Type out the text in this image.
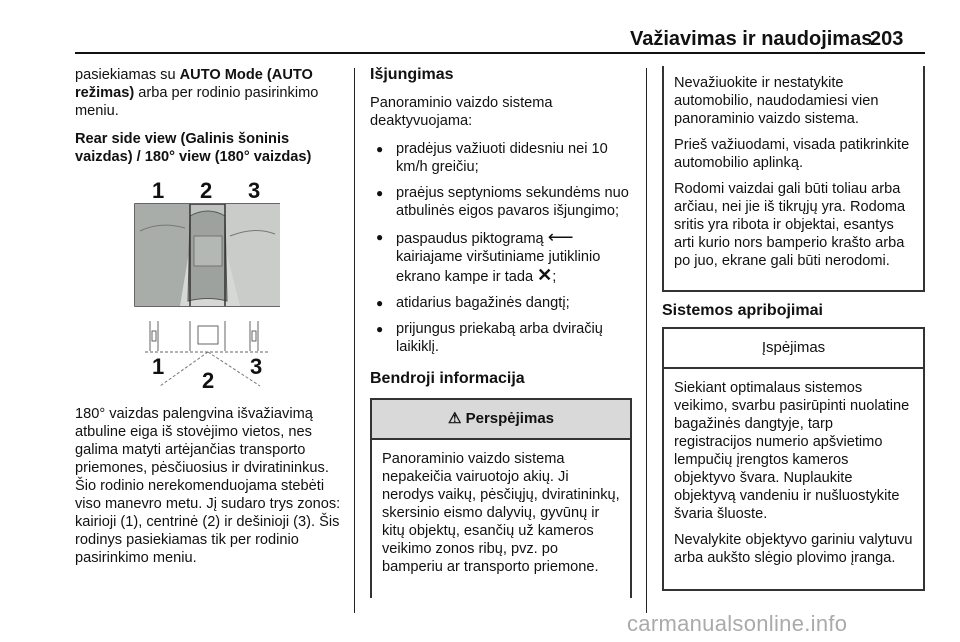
Važiavimas ir naudojimas
203

pasiekiamas su AUTO Mode (AUTO režimas) arba per rodinio pasirinkimo meniu.

Rear side view (Galinis šoninis vaizdas) / 180° view (180° vaizdas)

1 2 3
1
2
3

180° vaizdas palengvina išvažiavimą atbuline eiga iš stovėjimo vietos, nes galima matyti artėjančias transporto priemones, pėsčiuosius ir dviratininkus. Šio rodinio nerekomenduojama stebėti viso manevro metu. Jį sudaro trys zonos: kairioji (1), centrinė (2) ir dešinioji (3). Šis rodinys pasiekiamas tik per rodinio pasirinkimo meniu.

Išjungimas

Panoraminio vaizdo sistema deaktyvuojama:

● pradėjus važiuoti didesniu nei 10 km/h greičiu;
● praėjus septynioms sekundėms nuo atbulinės eigos pavaros išjungimo;
● paspaudus piktogramą ⟵ kairiajame viršutiniame jutiklinio ekrano kampe ir tada ✕;
● atidarius bagažinės dangtį;
● prijungus priekabą arba dviračių laikiklį.
Bendroji informacija
⚠ Perspėjimas

Panoraminio vaizdo sistema nepakeičia vairuotojo akių. Ji nerodys vaikų, pėsčiųjų, dviratininkų, skersinio eismo dalyvių, gyvūnų ir kitų objektų, esančių už kameros veikimo zonos ribų, pvz. po bamperiu ar transporto priemone.

Nevažiuokite ir nestatykite automobilio, naudodamiesi vien panoraminio vaizdo sistema.

Prieš važiuodami, visada patikrinkite automobilio aplinką.

Rodomi vaizdai gali būti toliau arba arčiau, nei jie iš tikrųjų yra. Rodoma sritis yra ribota ir objektai, esantys arti kurio nors bamperio krašto arba po juo, ekrane gali būti nerodomi.

Sistemos apribojimai
Įspėjimas

Siekiant optimalaus sistemos veikimo, svarbu pasirūpinti nuolatine bagažinės dangtyje, tarp registracijos numerio apšvietimo lempučių įrengtos kameros objektyvo švara. Nuplaukite objektyvą vandeniu ir nušluostykite švaria šluoste.

Nevalykite objektyvo gariniu valytuvu arba aukšto slėgio plovimo įranga.

carmanualsonline.info
